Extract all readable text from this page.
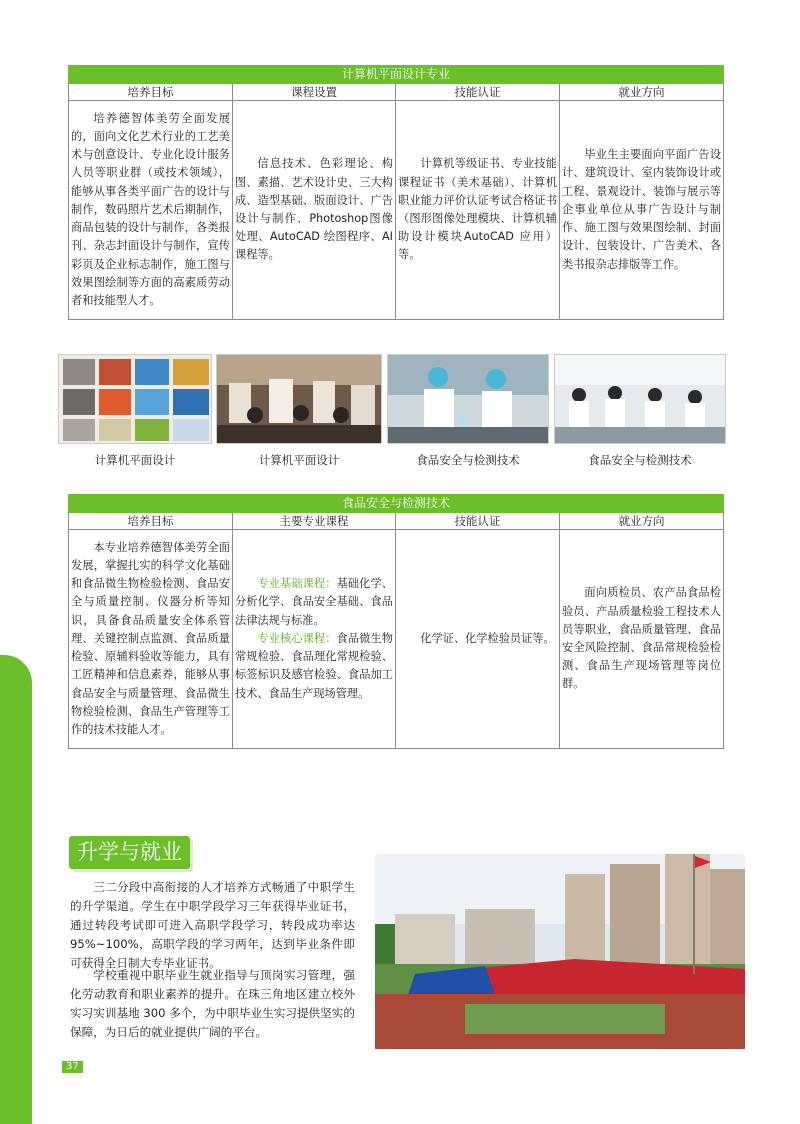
计算机平面设计专业			
培养目标	课程设置	技能认证	就业方向
培养德智体美劳全面发展的，面向文化艺术行业的工艺美术与创意设计、专业化设计服务人员等职业群（或技术领域），能够从事各类平面广告的设计与制作，数码照片艺术后期制作，商品包装的设计与制作，各类报刊、杂志封面设计与制作，宣传彩页及企业标志制作，施工图与效果图绘制等方面的高素质劳动者和技能型人才。	信息技术、色彩理论、构图、素描、艺术设计史、三大构成、造型基础、版面设计、广告设计与制作、Photoshop图像处理、AutoCAD 绘图程序、AI 课程等。	计算机等级证书、专业技能课程证书（美术基础）、计算机职业能力评价认证考试合格证书（图形图像处理模块、计算机辅助设计模块AutoCAD 应用）等。	毕业生主要面向平面广告设计、建筑设计、室内装饰设计或工程、景观设计、装饰与展示等企事业单位从事广告设计与制作、施工图与效果图绘制、封面设计、包装设计、广告美术、各类书报杂志排版等工作。
计算机平面设计	计算机平面设计	食品安全与检测技术	食品安全与检测技术
食品安全与检测技术			
培养目标	主要专业课程	技能认证	就业方向
本专业培养德智体美劳全面发展，掌握扎实的科学文化基础和食品微生物检验检测、食品安全与质量控制、仪器分析等知识，具备食品质量安全体系管理、关键控制点监测、食品质量检验、原辅料验收等能力，具有工匠精神和信息素养，能够从事食品安全与质量管理、食品微生物检验检测、食品生产管理等工作的技术技能人才。	专业基础课程：基础化学、分析化学、食品安全基础、食品法律法规与标准。
专业核心课程：食品微生物常规检验、食品理化常规检验、标签标识及感官检验、食品加工技术、食品生产现场管理。	化学证、化学检验员证等。	面向质检员、农产品食品检验员、产品质量检验工程技术人员等职业，食品质量管理、食品安全风险控制、食品常规检验检测、食品生产现场管理等岗位群。
升学与就业
三二分段中高衔接的人才培养方式畅通了中职学生的升学渠道。学生在中职学段学习三年获得毕业证书，通过转段考试即可进入高职学段学习，转段成功率达 95%~100%，高职学段的学习两年，达到毕业条件即可获得全日制大专毕业证书。
学校重视中职毕业生就业指导与顶岗实习管理，强化劳动教育和职业素养的提升。在珠三角地区建立校外实习实训基地 300 多个，为中职毕业生实习提供坚实的保障，为日后的就业提供广阔的平台。
37
